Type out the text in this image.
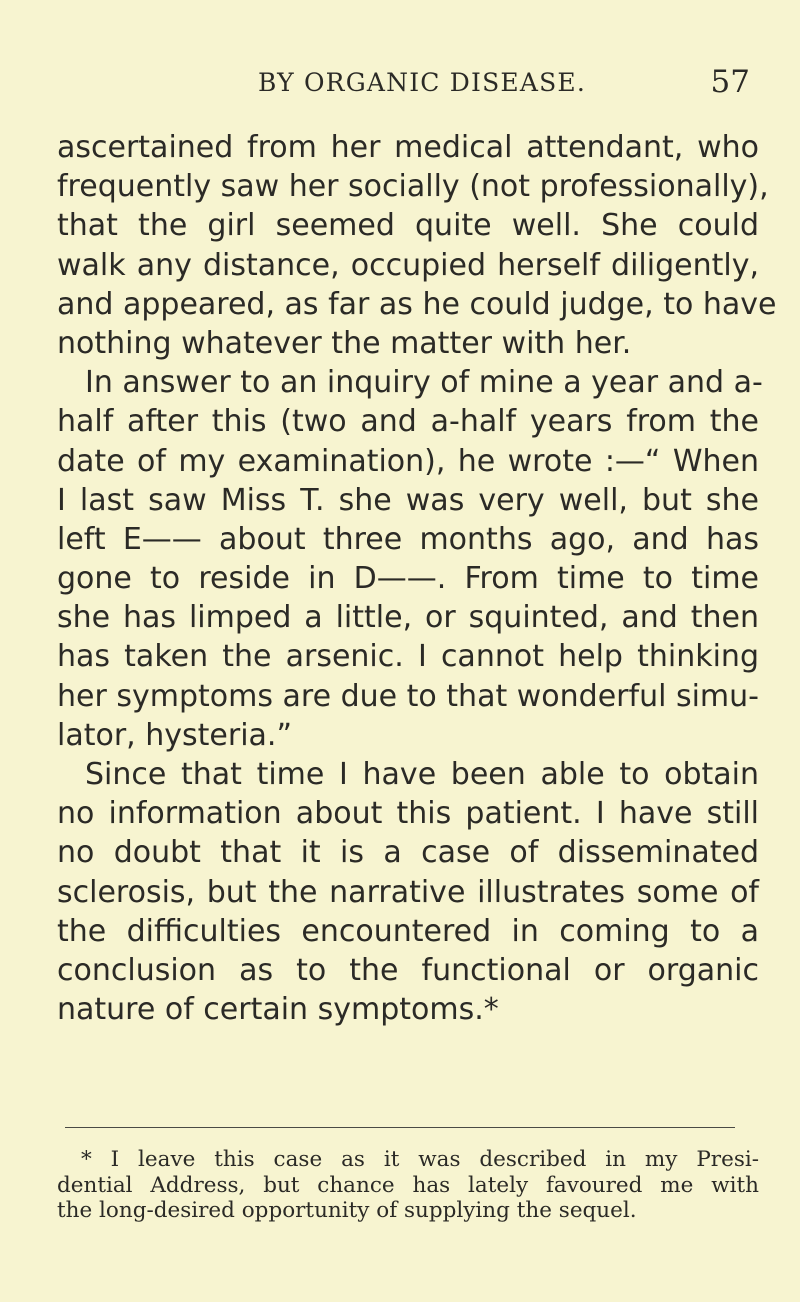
BY ORGANIC DISEASE.	57
ascertained from her medical attendant, who
frequently saw her socially (not professionally),
that the girl seemed quite well. She could
walk any distance, occupied herself diligently,
and appeared, as far as he could judge, to have
nothing whatever the matter with her.
In answer to an inquiry of mine a year and a-
half after this (two and a-half years from the
date of my examination), he wrote :—“ When
I last saw Miss T. she was very well, but she
left E—— about three months ago, and has
gone to reside in D——. From time to time
she has limped a little, or squinted, and then
has taken the arsenic. I cannot help thinking
her symptoms are due to that wonderful simu-
lator, hysteria.”
Since that time I have been able to obtain
no information about this patient. I have still
no doubt that it is a case of disseminated
sclerosis, but the narrative illustrates some of
the difficulties encountered in coming to a
conclusion as to the functional or organic
nature of certain symptoms.*
* I leave this case as it was described in my Presi-
dential Address, but chance has lately favoured me with
the long-desired opportunity of supplying the sequel.
